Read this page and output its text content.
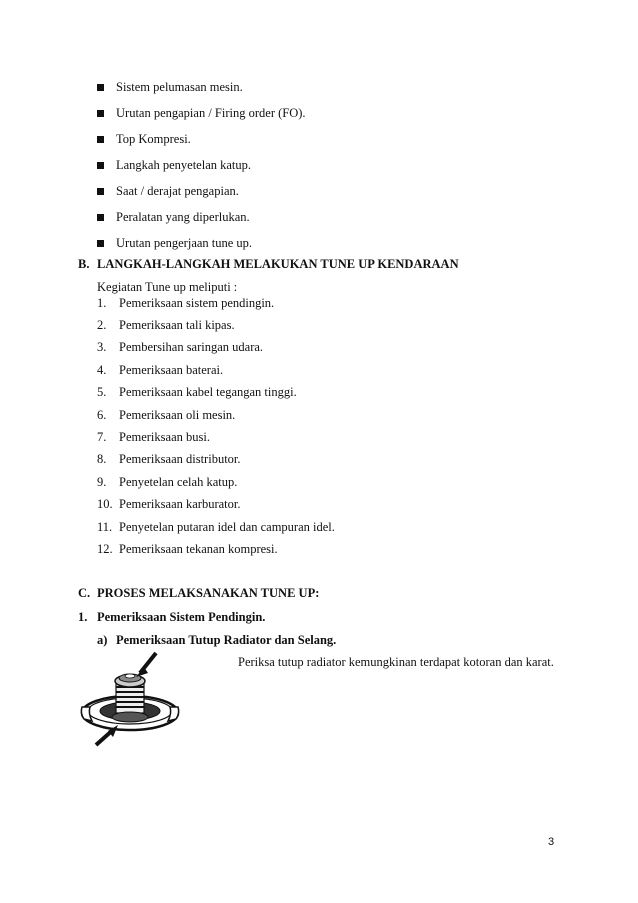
Sistem pelumasan mesin.
Urutan pengapian / Firing order (FO).
Top Kompresi.
Langkah penyetelan katup.
Saat / derajat pengapian.
Peralatan yang diperlukan.
Urutan pengerjaan tune up.
B. LANGKAH-LANGKAH MELAKUKAN TUNE UP KENDARAAN
Kegiatan Tune up meliputi :
1.	Pemeriksaan sistem pendingin.
2.	Pemeriksaan tali kipas.
3.	Pembersihan saringan udara.
4.	Pemeriksaan baterai.
5.	Pemeriksaan kabel tegangan tinggi.
6.	Pemeriksaan oli mesin.
7.	Pemeriksaan busi.
8.	Pemeriksaan distributor.
9.	Penyetelan celah katup.
10. Pemeriksaan karburator.
11. Penyetelan putaran idel dan campuran idel.
12. Pemeriksaan tekanan kompresi.
C. PROSES MELAKSANAKAN TUNE UP:
1. Pemeriksaan Sistem Pendingin.
a) Pemeriksaan Tutup Radiator dan Selang.
Periksa tutup radiator kemungkinan terdapat kotoran dan karat.
3
